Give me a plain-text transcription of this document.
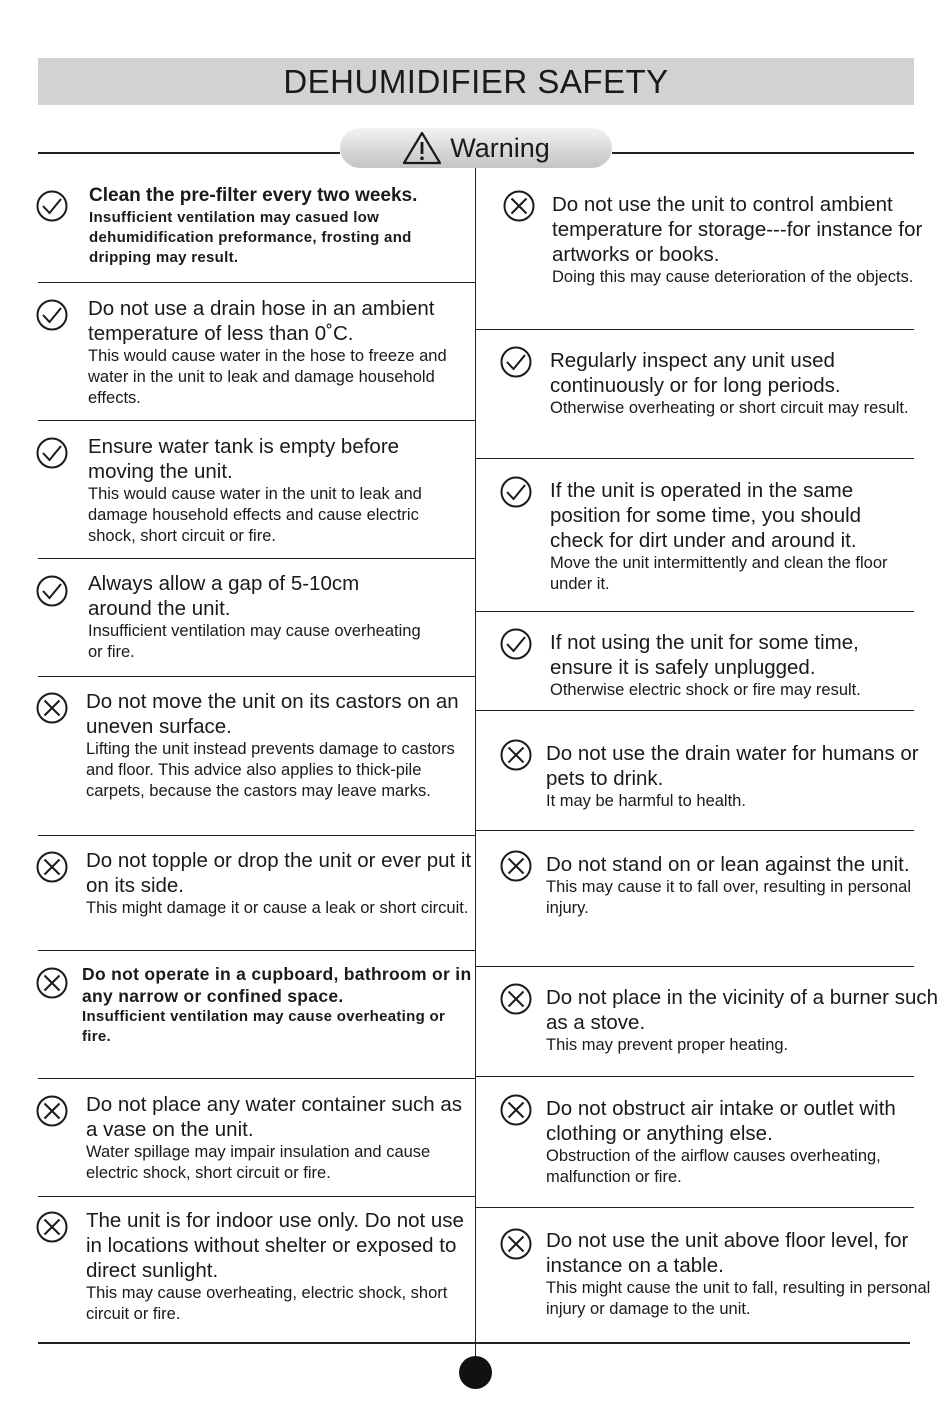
DEHUMIDIFIER SAFETY
Warning

Clean the pre-filter every two weeks.

Insufficient ventilation may casued low dehumidification preformance, frosting and dripping may result.

Do not use a drain hose in an ambient temperature of less than 0˚C.

This would cause water in the hose to freeze and water in the unit to leak and damage household effects.

Ensure water tank is empty before moving the unit.

This would cause water in the unit to leak and damage household effects and cause electric shock, short circuit or fire.

Always allow a gap of 5-10cm around the unit.

Insufficient ventilation may cause overheating or fire.

Do not move the unit on its castors on an uneven surface.

Lifting the unit instead prevents damage to castors and floor. This advice also applies to thick-pile carpets, because the castors may leave marks.

Do not topple or drop the unit or ever put it on its side.

This might damage it or cause a leak or short circuit.

Do not operate in a cupboard, bathroom or in any narrow or confined space.

Insufficient ventilation may cause overheating or fire.

Do not place any water container such as a vase on the unit.

Water spillage may impair insulation and cause electric shock, short circuit or fire.

The unit is for indoor use only. Do not use in locations without shelter or exposed to direct sunlight.

This may cause overheating, electric shock, short circuit or fire.

Do not use the unit to control ambient temperature for storage---for instance for artworks or books.

Doing this may cause deterioration of the objects.

Regularly inspect any unit used continuously or for long periods.

Otherwise overheating or short circuit may result.

If the unit is operated in the same position for some time, you should check for dirt under and around it.

Move the unit intermittently and clean the floor under it.

If not using the unit for some time, ensure it is safely unplugged.

Otherwise electric shock or fire may result.

Do not use the drain water for humans or pets to drink.

It may be harmful to health.

Do not stand on or lean against the unit.

This may cause it to fall over, resulting in personal injury.

Do not place in the vicinity of a burner such as a stove.

This may prevent proper heating.

Do not obstruct air intake or outlet with clothing or anything else.

Obstruction of the airflow causes overheating, malfunction or fire.

Do not use the unit above floor level, for instance on a table.

This might cause the unit to fall, resulting in personal injury or damage to the unit.
